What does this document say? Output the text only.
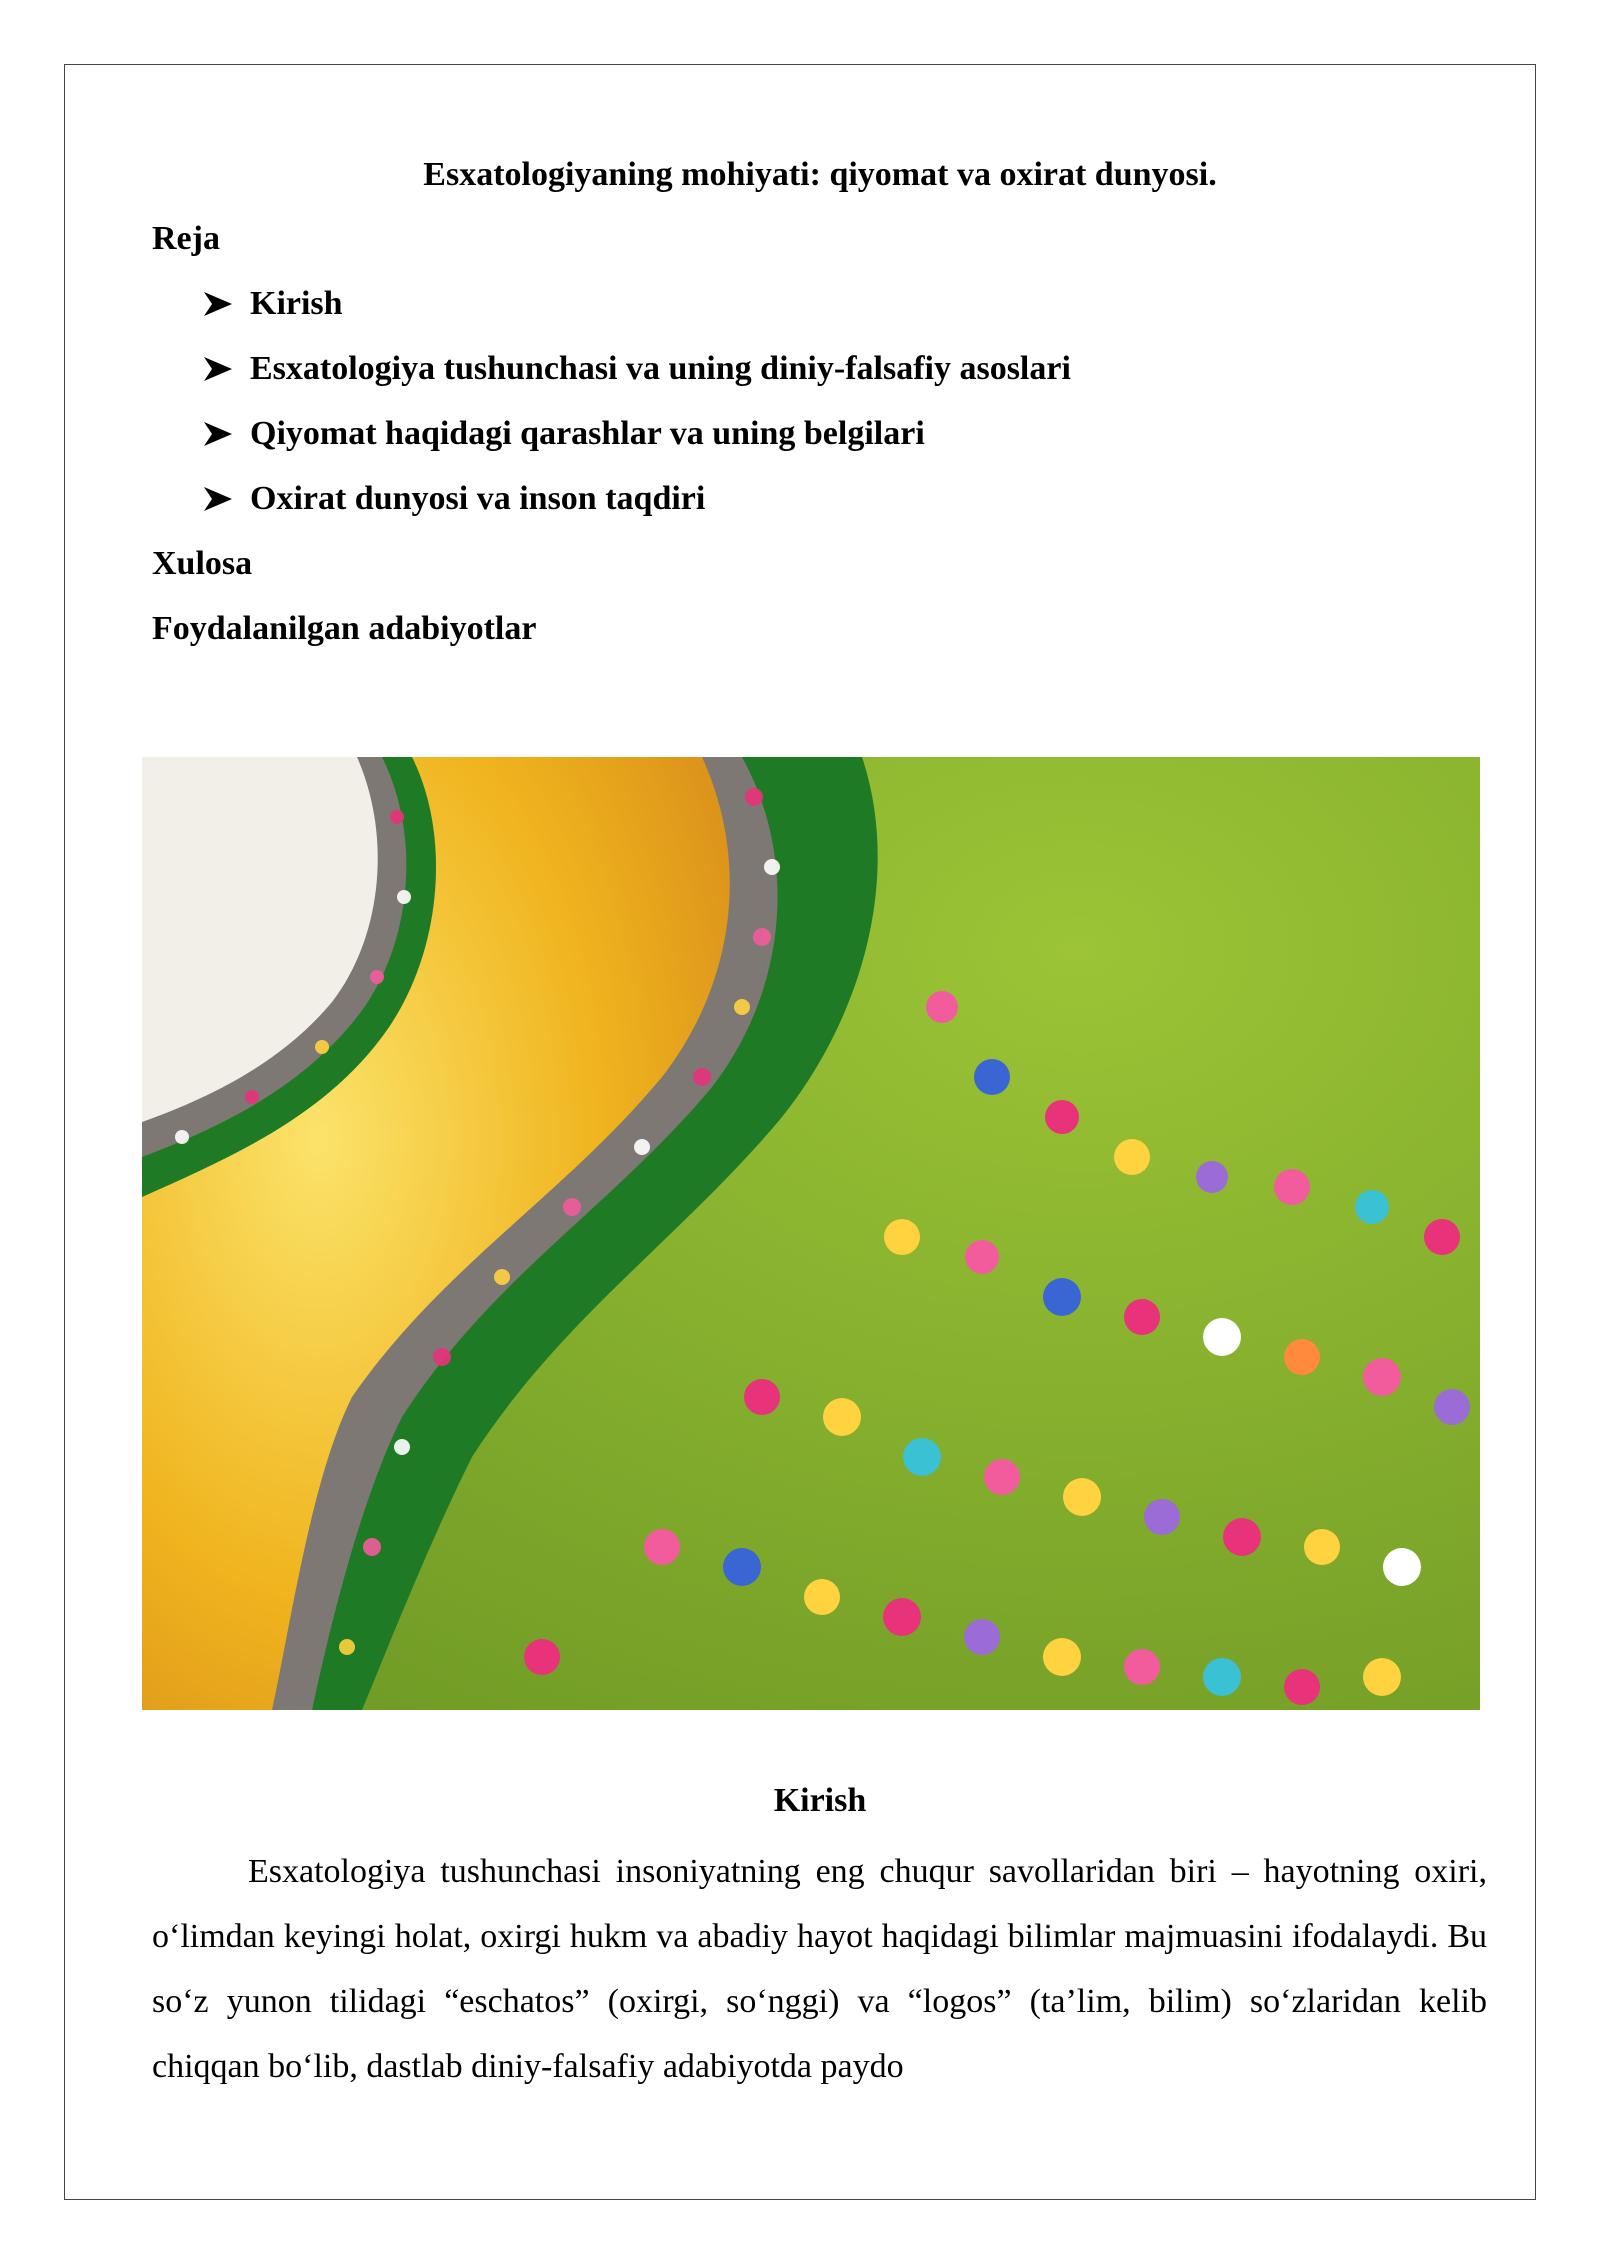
Esxatologiyaning mohiyati: qiyomat va oxirat dunyosi.
Reja
Kirish
Esxatologiya tushunchasi va uning diniy-falsafiy asoslari
Qiyomat haqidagi qarashlar va uning belgilari
Oxirat dunyosi va inson taqdiri
Xulosa
Foydalanilgan adabiyotlar
Kirish
Esxatologiya tushunchasi insoniyatning eng chuqur savollaridan biri – hayotning oxiri, o‘limdan keyingi holat, oxirgi hukm va abadiy hayot haqidagi bilimlar majmuasini ifodalaydi. Bu so‘z yunon tilidagi “eschatos” (oxirgi, so‘nggi) va “logos” (ta’lim, bilim) so‘zlaridan kelib chiqqan bo‘lib, dastlab diniy-falsafiy adabiyotda paydo
